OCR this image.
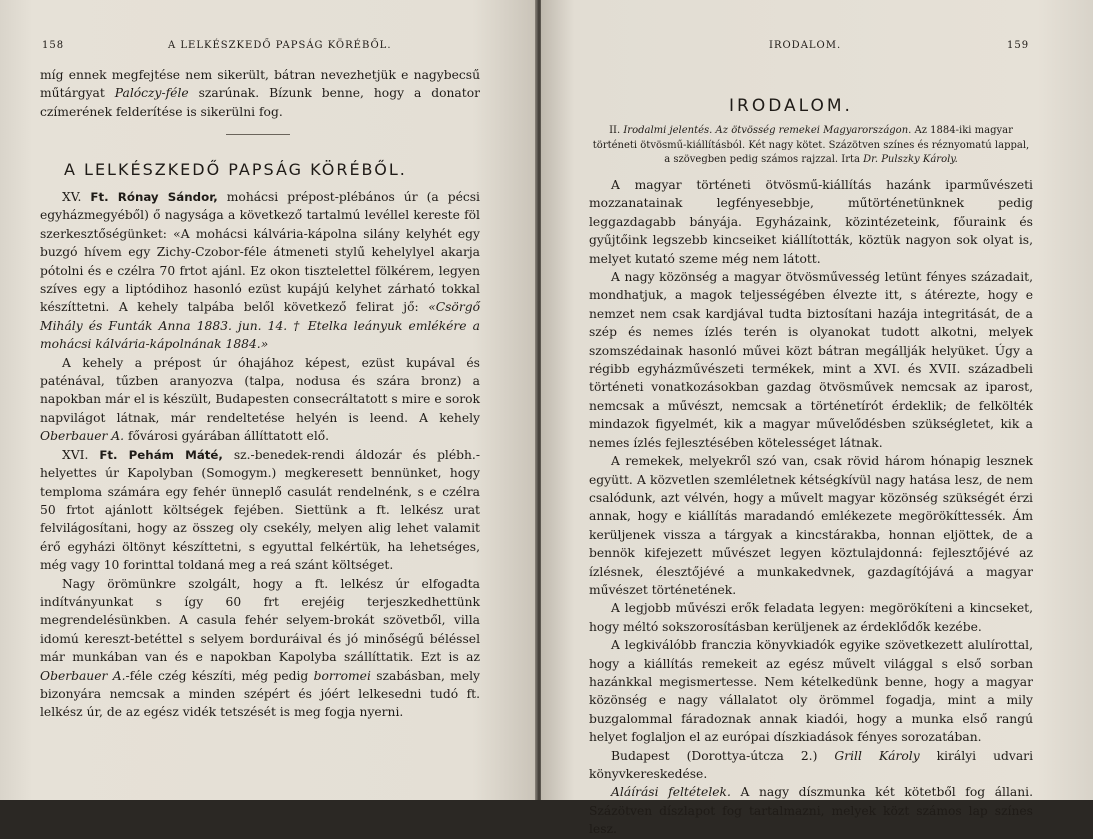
158	A LELKÉSZKEDŐ PAPSÁG KÖRÉBŐL.

míg ennek megfejtése nem sikerült, bátran nevezhetjük e nagybecsű műtárgyat Palóczy-féle szarúnak. Bízunk benne, hogy a donator czímerének felderítése is sikerülni fog.

A LELKÉSZKEDŐ PAPSÁG KÖRÉBŐL.

XV. Ft. Rónay Sándor, mohácsi prépost-plébános úr (a pécsi egyházmegyéből) ő nagysága a következő tartalmú levéllel kereste föl szerkesztőségünket: «A mohácsi kálvária-kápolna silány kelyhét egy buzgó hívem egy Zichy-Czobor-féle átmeneti stylű kehelylyel akarja pótolni és e czélra 70 frtot ajánl. Ez okon tisztelettel fölkérem, legyen szíves egy a liptódihoz hasonló ezüst kupájú kelyhet zárható tokkal készíttetni. A kehely talpába belől következő felirat jő: «Csörgő Mihály és Funták Anna 1883. jun. 14. † Etelka leányuk emlékére a mohácsi kálvária-kápolnának 1884.»

A kehely a prépost úr óhajához képest, ezüst kupával és paténával, tűzben aranyozva (talpa, nodusa és szára bronz) a napokban már el is készült, Budapesten consecráltatott s mire e sorok napvilágot látnak, már rendeltetése helyén is leend. A kehely Oberbauer A. fővárosi gyárában állíttatott elő.

XVI. Ft. Pehám Máté, sz.-benedek-rendi áldozár és plébh.-helyettes úr Kapolyban (Somogym.) megkeresett bennünket, hogy temploma számára egy fehér ünneplő casulát rendelnénk, s e czélra 50 frtot ajánlott költségek fejében. Siettünk a ft. lelkész urat felvilágosítani, hogy az összeg oly csekély, melyen alig lehet valamit érő egyházi öltönyt készíttetni, s egyuttal felkértük, ha lehetséges, még vagy 10 forinttal toldaná meg a reá szánt költséget.

Nagy örömünkre szolgált, hogy a ft. lelkész úr elfogadta indítványunkat s így 60 frt erejéig terjeszkedhettünk megrendelésünkben. A casula fehér selyem-brokát szövetből, villa idomú kereszt-betéttel s selyem borduráival és jó minőségű béléssel már munkában van és e napokban Kapolyba szállíttatik. Ezt is az Oberbauer A.-féle czég készíti, még pedig borromei szabásban, mely bizonyára nemcsak a minden szépért és jóért lelkesedni tudó ft. lelkész úr, de az egész vidék tetszését is meg fogja nyerni.

IRODALOM.	159
IRODALOM.
II. Irodalmi jelentés. Az ötvösség remekei Magyarországon. Az 1884-iki magyar történeti ötvösmű-kiállításból. Két nagy kötet. Százötven színes és réznyomatú lappal, a szövegben pedig számos rajzzal. Irta Dr. Pulszky Károly.

A magyar történeti ötvösmű-kiállítás hazánk iparművészeti mozzanatainak legfényesebbje, műtörténetünknek pedig leggazdagabb bányája. Egyházaink, közintézeteink, főuraink és gyűjtőink legszebb kincseiket kiállították, köztük nagyon sok olyat is, melyet kutató szeme még nem látott.

A nagy közönség a magyar ötvösművesség letünt fényes századait, mondhatjuk, a magok teljességében élvezte itt, s átérezte, hogy e nemzet nem csak kardjával tudta biztosítani hazája integritását, de a szép és nemes ízlés terén is olyanokat tudott alkotni, melyek szomszédainak hasonló művei közt bátran megállják helyüket. Úgy a régibb egyházművészeti termékek, mint a XVI. és XVII. századbeli történeti vonatkozásokban gazdag ötvösművek nemcsak az iparost, nemcsak a művészt, nemcsak a történetírót érdeklik; de felkölték mindazok figyelmét, kik a magyar művelődésben szükségletet, kik a nemes ízlés fejlesztésében kötelességet látnak.

A remekek, melyekről szó van, csak rövid három hónapig lesznek együtt. A közvetlen szemléletnek kétségkívül nagy hatása lesz, de nem csalódunk, azt vélvén, hogy a művelt magyar közönség szükségét érzi annak, hogy e kiállítás maradandó emlékezete megörökíttessék. Ám kerüljenek vissza a tárgyak a kincstárakba, honnan eljöttek, de a bennök kifejezett művészet legyen köztulajdonná: fejlesztőjévé az ízlésnek, élesztőjévé a munkakedvnek, gazdagítójává a magyar művészet történetének.

A legjobb művészi erők feladata legyen: megörökíteni a kincseket, hogy méltó sokszorosításban kerüljenek az érdeklődők kezébe.

A legkiválóbb franczia könyvkiadók egyike szövetkezett alulírottal, hogy a kiállítás remekeit az egész művelt világgal s első sorban hazánkkal megismertesse. Nem kételkedünk benne, hogy a magyar közönség e nagy vállalatot oly örömmel fogadja, mint a mily buzgalommal fáradoznak annak kiadói, hogy a munka első rangú helyet foglaljon el az európai díszkiadások fényes sorozatában.

Budapest (Dorottya-útcza 2.) Grill Károly királyi udvari könyvkereskedése.

Aláírási feltételek. A nagy díszmunka két kötetből fog állani. Százötven díszlapot fog tartalmazni, melyek közt számos lap színes lesz.
